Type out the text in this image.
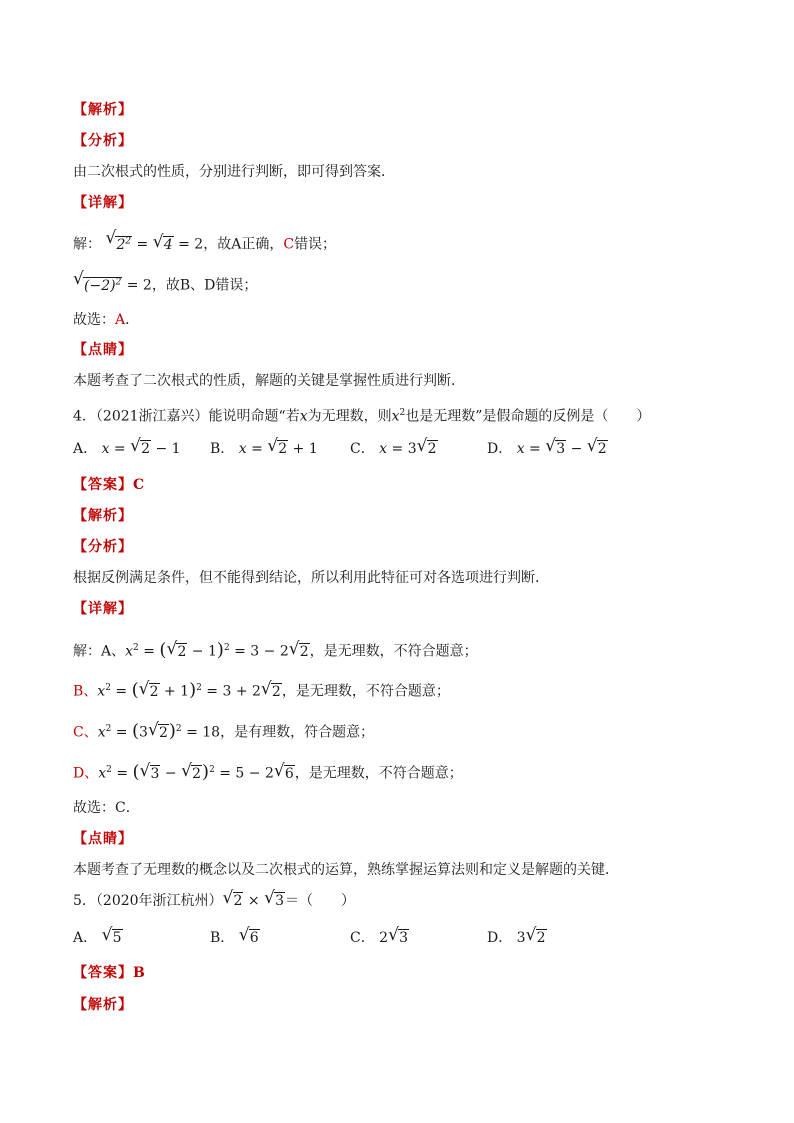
【解析】
【分析】
由二次根式的性质，分别进行判断，即可得到答案．
【详解】
解： √ $2^2$ = √ 4 = 2，故A正确，C错误；
√ $(-2)^2 = 2$，故B、D错误；
故选：A．
【点睛】
本题考查了二次根式的性质，解题的关键是掌握性质进行判断．
4．（2021浙江嘉兴）能说明命题“若x为无理数，则$x^2$也是无理数”是假命题的反例是（　　）
A． x = √ 2 − 1 B． x = √ 2 + 1 C． x = 3√ 2	D． x = √ 3 − √ 2
【答案】C
【解析】
【分析】
根据反例满足条件，但不能得到结论，所以利用此特征可对各选项进行判断．
【详解】
解：A、$x^2$ = (√ 2 − 1)$^2$ = 3 − 2√ 2，是无理数，不符合题意；
B、$x^2$ = (√ 2 + 1)$^2$ = 3 + 2√ 2，是无理数，不符合题意；
C、$x^2 = (3√$ 2)$^2$ = 18，是有理数，符合题意；
D、$x^2$ = (√ 3 − √ 2)$^2$ = 5 − 2√ 6，是无理数，不符合题意；
故选：C．
【点睛】
本题考查了无理数的概念以及二次根式的运算，熟练掌握运算法则和定义是解题的关键．
5．（2020年浙江杭州）√ 2 × √ 3＝（　　）
A． √ 5	B． √ 6	C． 2√ 3	D． 3√ 2
【答案】B
【解析】
